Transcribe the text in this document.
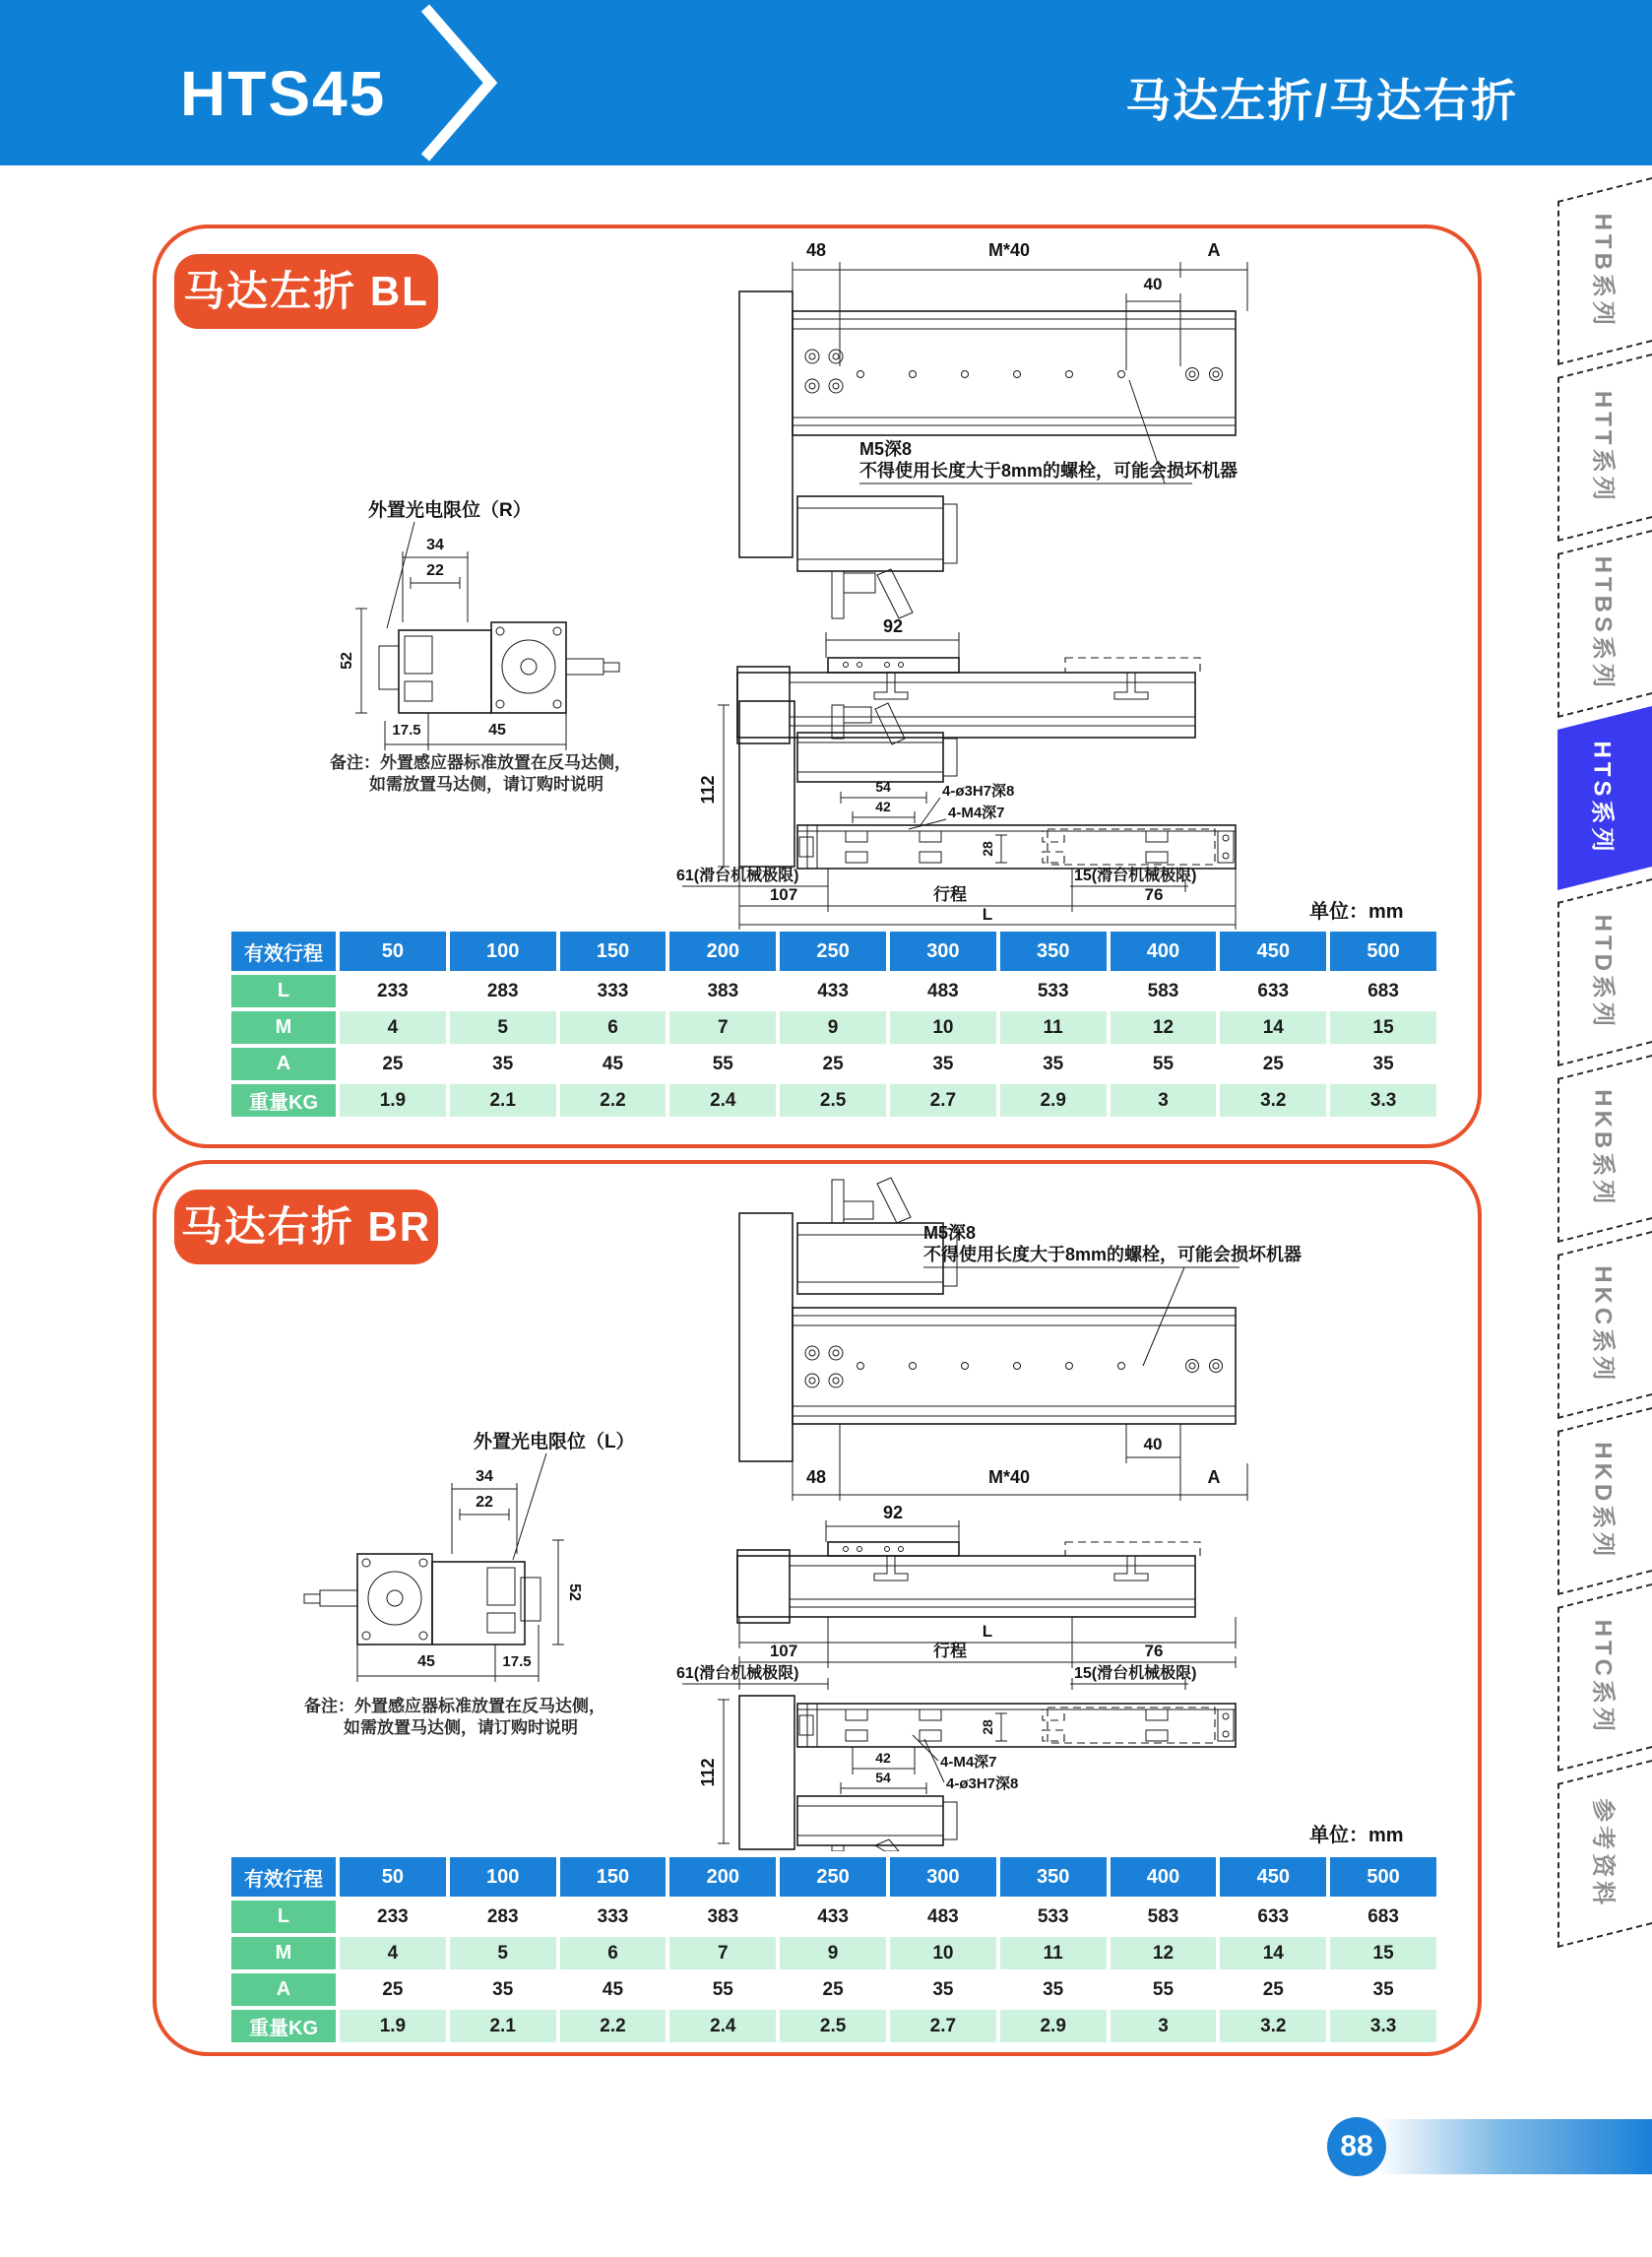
HTS45	马达左折/马达右折
48	M*40	A
40
M5深8
不得使用长度大于8mm的螺栓，可能会损坏机器
92
112	54
42
4-ø3H7深8
4-M4深7
28
61(滑台机械极限)	15(滑台机械极限)
107	行程	76
L	单位：mm
外置光电限位（R）
34
22
52
17.5	45
备注：外置感应器标准放置在反马达侧，
如需放置马达侧，请订购时说明
马达左折 BL
有效行程	50	100	150	200	250	300	350	400	450	500
L	233	283	333	383	433	483	533	583	633	683
M	4	5	6	7	9	10	11	12	14	15
A	25	35	45	55	25	35	35	55	25	35
重量KG	1.9	2.1	2.2	2.4	2.5	2.7	2.9	3	3.2	3.3
M5深8
不得使用长度大于8mm的螺栓，可能会损坏机器
40
48	M*40	A
92
L
107	行程	76
61(滑台机械极限)	15(滑台机械极限)
112
28
42
54
4-M4深7
4-ø3H7深8
单位：mm
外置光电限位（L）
34
22
52
45	17.5
备注：外置感应器标准放置在反马达侧，
如需放置马达侧，请订购时说明
马达右折 BR
有效行程	50	100	150	200	250	300	350	400	450	500
L	233	283	333	383	433	483	533	583	633	683
M	4	5	6	7	9	10	11	12	14	15
A	25	35	45	55	25	35	35	55	25	35
重量KG	1.9	2.1	2.2	2.4	2.5	2.7	2.9	3	3.2	3.3
HTB系列
HTT系列
HTBS系列
HTS系列
HTD系列
HKB系列
HKC系列
HKD系列
HTC系列
参考资料
88
